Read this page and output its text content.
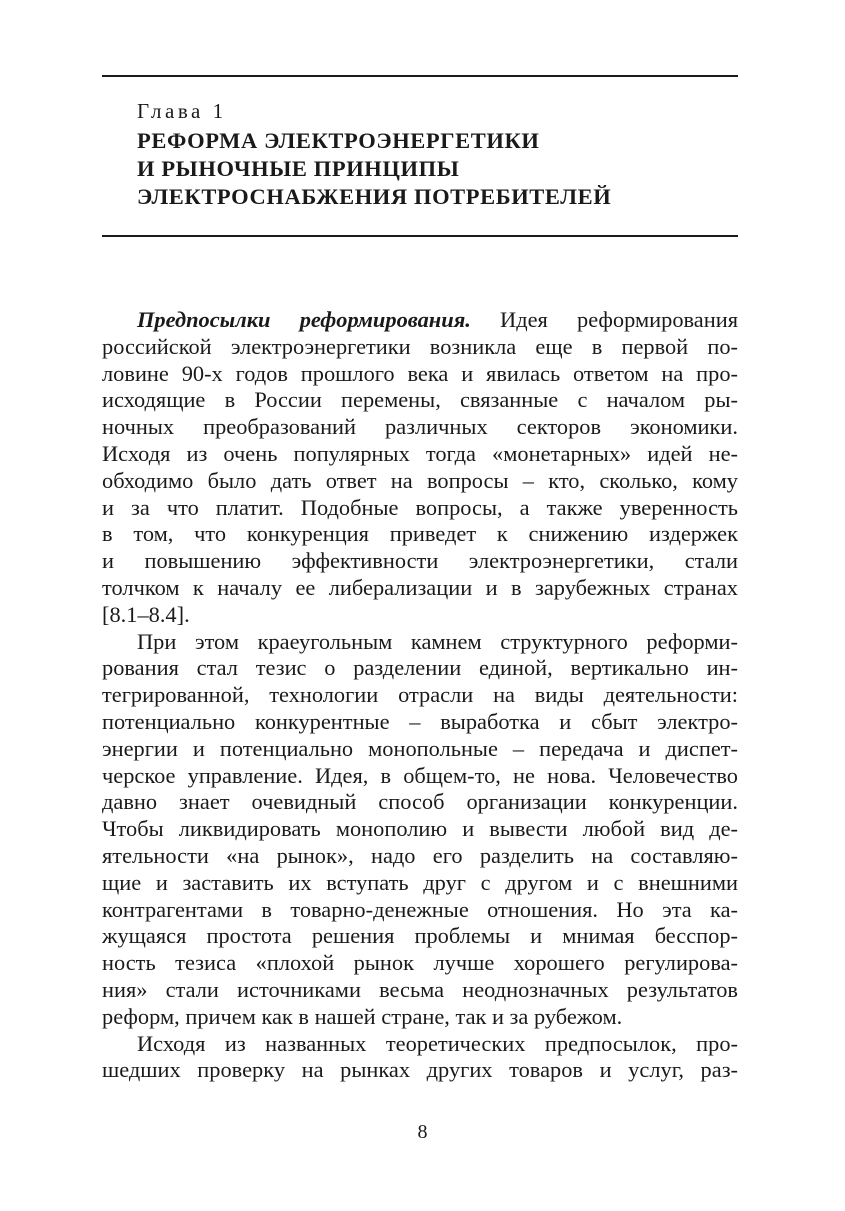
Глава 1
РЕФОРМА ЭЛЕКТРОЭНЕРГЕТИКИ
И РЫНОЧНЫЕ ПРИНЦИПЫ
ЭЛЕКТРОСНАБЖЕНИЯ ПОТРЕБИТЕЛЕЙ
Предпосылки реформирования. Идея реформирования
российской электроэнергетики возникла еще в первой по-
ловине 90-х годов прошлого века и явилась ответом на про-
исходящие в России перемены, связанные с началом ры-
ночных преобразований различных секторов экономики.
Исходя из очень популярных тогда «монетарных» идей не-
обходимо было дать ответ на вопросы – кто, сколько, кому
и за что платит. Подобные вопросы, а также уверенность
в том, что конкуренция приведет к снижению издержек
и повышению эффективности электроэнергетики, стали
толчком к началу ее либерализации и в зарубежных странах
[8.1–8.4].
При этом краеугольным камнем структурного реформи-
рования стал тезис о разделении единой, вертикально ин-
тегрированной, технологии отрасли на виды деятельности:
потенциально конкурентные – выработка и сбыт электро-
энергии и потенциально монопольные – передача и диспет-
черское управление. Идея, в общем-то, не нова. Человечество
давно знает очевидный способ организации конкуренции.
Чтобы ликвидировать монополию и вывести любой вид де-
ятельности «на рынок», надо его разделить на составляю-
щие и заставить их вступать друг с другом и с внешними
контрагентами в товарно-денежные отношения. Но эта ка-
жущаяся простота решения проблемы и мнимая бесспор-
ность тезиса «плохой рынок лучше хорошего регулирова-
ния» стали источниками весьма неоднозначных результатов
реформ, причем как в нашей стране, так и за рубежом.
Исходя из названных теоретических предпосылок, про-
шедших проверку на рынках других товаров и услуг, раз-
8
